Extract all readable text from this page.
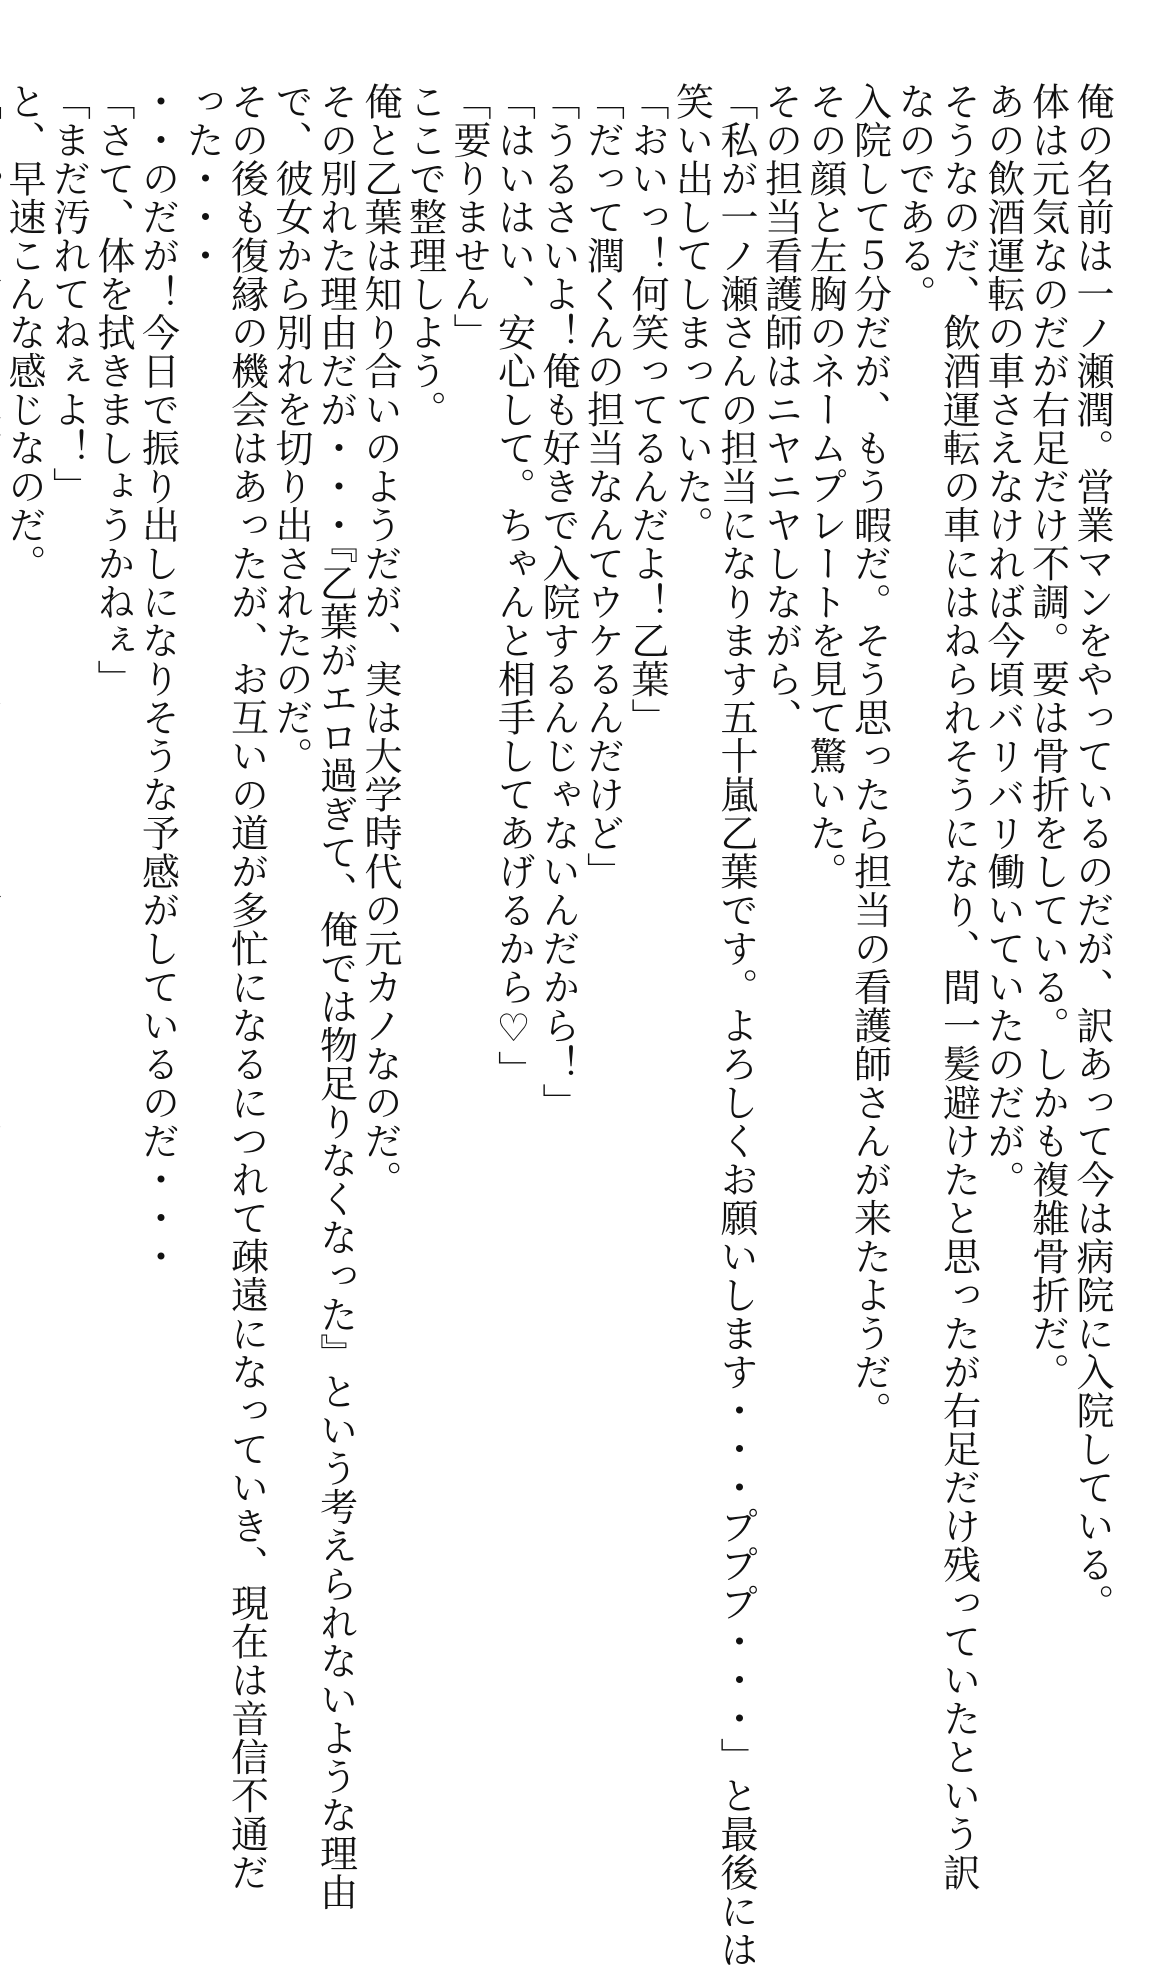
俺の名前は一ノ瀬潤。営業マンをやっているのだが、訳あって今は病院に入院している。
体は元気なのだが右足だけ不調。要は骨折をしている。しかも複雑骨折だ。
あの飲酒運転の車さえなければ今頃バリバリ働いていたのだが。
そうなのだ、飲酒運転の車にはねられそうになり、間一髪避けたと思ったが右足だけ残っていたという訳
なのである。
入院して５分だが、もう暇だ。そう思ったら担当の看護師さんが来たようだ。
その顔と左胸のネームプレートを見て驚いた。
その担当看護師はニヤニヤしながら、
「私が一ノ瀬さんの担当になります五十嵐乙葉です。よろしくお願いします・・・プププ・・・」と最後には
笑い出してしまっていた。
「おいっ！何笑ってるんだよ！乙葉」
「だって潤くんの担当なんてウケるんだけど」
「うるさいよ！俺も好きで入院するんじゃないんだから！」
「はいはい、安心して。ちゃんと相手してあげるから♡」
「要りません」
ここで整理しよう。
俺と乙葉は知り合いのようだが、実は大学時代の元カノなのだ。
その別れた理由だが・・・『乙葉がエロ過ぎて、俺では物足りなくなった』という考えられないような理由
で、彼女から別れを切り出されたのだ。
その後も復縁の機会はあったが、お互いの道が多忙になるにつれて疎遠になっていき、現在は音信不通だ
った・・・
・・のだが！今日で振り出しになりそうな予感がしているのだ・・・
「さて、体を拭きましょうかねぇ」
「まだ汚れてねぇよ！」
と、早速こんな感じなのだ。
